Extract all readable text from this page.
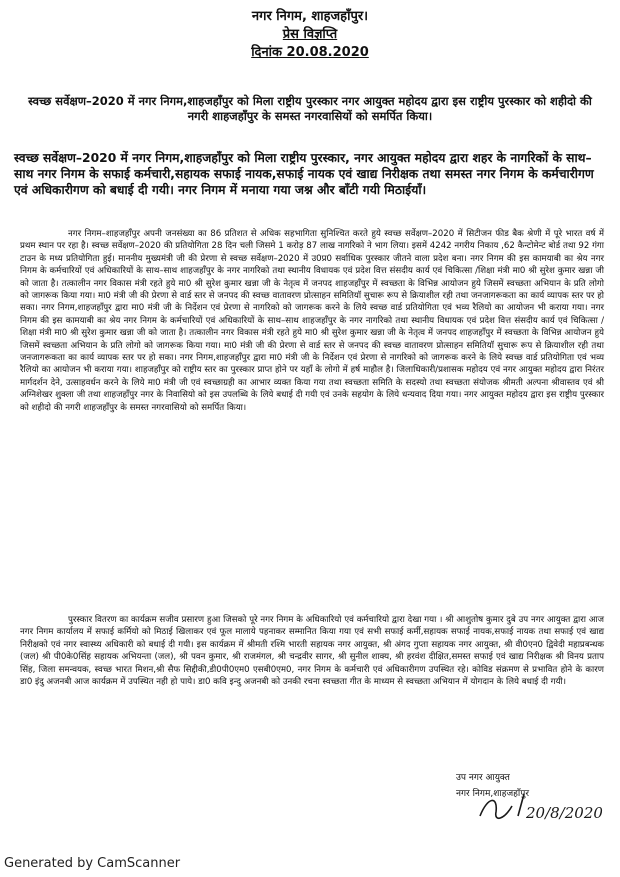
नगर निगम, शाहजहाँपुर।
प्रेस विज्ञप्ति
दिनांक 20.08.2020
स्वच्छ सर्वेक्षण–2020 में नगर निगम,शाहजहाँपुर को मिला राष्ट्रीय पुरस्कार नगर आयुक्त महोदय द्वारा इस राष्ट्रीय पुरस्कार को शहीदो की नगरी शाहजहाँपुर के समस्त नगरवासियों को समर्पित किया।
स्वच्छ सर्वेक्षण–2020 में नगर निगम,शाहजहाँपुर को मिला राष्ट्रीय पुरस्कार, नगर आयुक्त महोदय द्वारा शहर के नागरिकों के साथ–साथ नगर निगम के सफाई कर्मचारी,सहायक सफाई नायक,सफाई नायक एवं खाद्य निरीक्षक तथा समस्त नगर निगम के कर्मचारीगण एवं अधिकारीगण को बधाई दी गयी। नगर निगम में मनाया गया जश्न और बाँटी गयी मिठाईयाँ।
नगर निगम–शाहजहाँपुर अपनी जनसंख्या का 86 प्रतिशत से अधिक सहभागिता सुनिश्चित करते हुये स्वच्छ सर्वेक्षण–2020 में सिटीजन फीड बैक श्रेणी में पूरे भारत वर्ष में प्रथम स्थान पर रहा है। स्वच्छ सर्वेक्षण–2020 की प्रतियोगिता 28 दिन चली जिसमे 1 करोड़ 87 लाख नागरिको ने भाग लिया। इसमें 4242 नगरीय निकाय ,62 कैन्टोमेन्ट बोर्ड तथा 92 गंगा टाउन के मध्य प्रतियोगिता हुई। माननीय मुख्यमंत्री जी की प्रेरणा से स्वच्छ सर्वेक्षण–2020 में उ0प्र0 सर्वाधिक पुरस्कार जीतने वाला प्रदेश बना। नगर निगम की इस कामयाबी का श्रेय नगर निगम के कर्मचारियों एवं अधिकारियों के साथ–साथ शाहजहाँपुर के नगर नागरिको तथा स्थानीय विधायक एवं प्रदेश वित्त संसदीय कार्य एवं चिकित्सा /शिक्षा मंत्री मा0 श्री सुरेश कुमार खन्ना जी को जाता है। तत्कालीन नगर विकास मंत्री रहते हुये मा0 श्री सुरेश कुमार खन्ना जी के नेतृत्व में जनपद शाहजहाँपुर में स्वच्छता के विभिन्न आयोजन हुये जिसमें स्वच्छता अभियान के प्रति लोगो को जागरूक किया गया। मा0 मंत्री जी की प्रेरणा से वार्ड स्तर से जनपद की स्वच्छ वातावरण प्रोत्साहन समितियॉ सुचारू रूप से क्रियाशील रही तथा जनजागरूकता का कार्य व्यापक स्तर पर हो सका। नगर निगम,शाहजहाँपुर द्वारा मा0 मंत्री जी के निर्देशन एवं प्रेरणा से नागरिको को जागरूक करने के लिये स्वच्छ वार्ड प्रतियोगिता एवं भव्य रैलियो का आयोजन भी कराया गया। नगर निगम की इस कामयाबी का श्रेय नगर निगम के कर्मचारियों एवं अधिकारियों के साथ–साथ शाहजहाँपुर के नगर नागरिको तथा स्थानीय विधायक एवं प्रदेश वित्त संसदीय कार्य एवं चिकित्सा /शिक्षा मंत्री मा0 श्री सुरेश कुमार खन्ना जी को जाता है। तत्कालीन नगर विकास मंत्री रहते हुये मा0 श्री सुरेश कुमार खन्ना जी के नेतृत्व में जनपद शाहजहाँपुर में स्वच्छता के विभिन्न आयोजन हुये जिसमें स्वच्छता अभियान के प्रति लोगो को जागरूक किया गया। मा0 मंत्री जी की प्रेरणा से वार्ड स्तर से जनपद की स्वच्छ वातावरण प्रोत्साहन समितियॉ सुचारू रूप से क्रियाशील रही तथा जनजागरूकता का कार्य व्यापक स्तर पर हो सका। नगर निगम,शाहजहाँपुर द्वारा मा0 मंत्री जी के निर्देशन एवं प्रेरणा से नागरिको को जागरूक करने के लिये स्वच्छ वार्ड प्रतियोगिता एवं भव्य रैलियो का आयोजन भी कराया गया। शाहजहाँपुर को राष्ट्रीय स्तर का पुरस्कार प्राप्त होने पर यहाँ के लोगो में हर्ष माहौल है। जिलाधिकारी/प्रशासक महोदय एवं नगर आयुक्त महोदय द्वारा निरंतर मार्गदर्शन देने, उत्साहवर्धन करने के लिये मा0 मंत्री जी एवं स्वच्छाग्रही का आभार व्यक्त किया गया तथा स्वच्छता समिति के सदस्यो तथा स्वच्छता संयोजक श्रीमती अल्पना श्रीवास्तव एवं श्री अग्निशेखर शुक्ला जी तथा शाहजहाँपुर नगर के निवासियो को इस उपलब्धि के लिये बधाई दी गयी एवं उनके सहयोग के लिये धन्यवाद दिया गया। नगर आयुक्त महोदय द्वारा इस राष्ट्रीय पुरस्कार को शहीदो की नगरी शाहजहाँपुर के समस्त नगरवासियो को समर्पित किया।
पुरस्कार वितरण का कार्यक्रम सजीव प्रसारण हुआ जिसको पूरे नगर निगम के अधिकारियो एवं कर्मचारियो द्वारा देखा गया । श्री आशुतोष कुमार दुबे उप नगर आयुक्त द्वारा आज नगर निगम कार्यालय में सफाई कर्मियो को मिठाई खिलाकर एवं फूल मालाये पहनाकर सम्मानित किया गया एवं सभी सफाई कर्मी,सहायक सफाई नायक,सफाई नायक तथा सफाई एवं खाद्य निरीक्षको एवं नगर स्वास्थ्य अधिकारी को बधाई दी गयी। इस कार्यक्रम में श्रीमती रश्मि भारती सहायक नगर आयुक्त, श्री अंगद गुप्ता सहायक नगर आयुक्त, श्री वी0एन0 द्विवेदी महाप्रबन्धक (जल) श्री पी0के0सिंह सहायक अभियन्ता (जल), श्री पवन कुमार, श्री राजमंगल, श्री चन्द्रवीर सागर, श्री सुनील शाक्य, श्री हरवंश दीक्षित,समस्त सफाई एवं खाद्य निरीक्षक श्री विनय प्रताप सिंह, जिला समन्वयक, स्वच्छ भारत मिशन,श्री सैफ सिद्दीकी,डी0पी0एम0 एसबी0एम0, नगर निगम के कर्मचारी एवं अधिकारीगण उपस्थित रहे। कोविड संक्रमण से प्रभावित होने के कारण डा0 इंदु अजनबी आज कार्यक्रम में उपस्थित नही हो पाये। डा0 कवि इन्दु अजनबी को उनकी रचना स्वच्छता गीत के माध्यम से स्वच्छता अभियान में योगदान के लिये बधाई दी गयी।
उप नगर आयुक्त
नगर निगम,शाहजहाँपुर
20/8/2020
Generated by CamScanner
